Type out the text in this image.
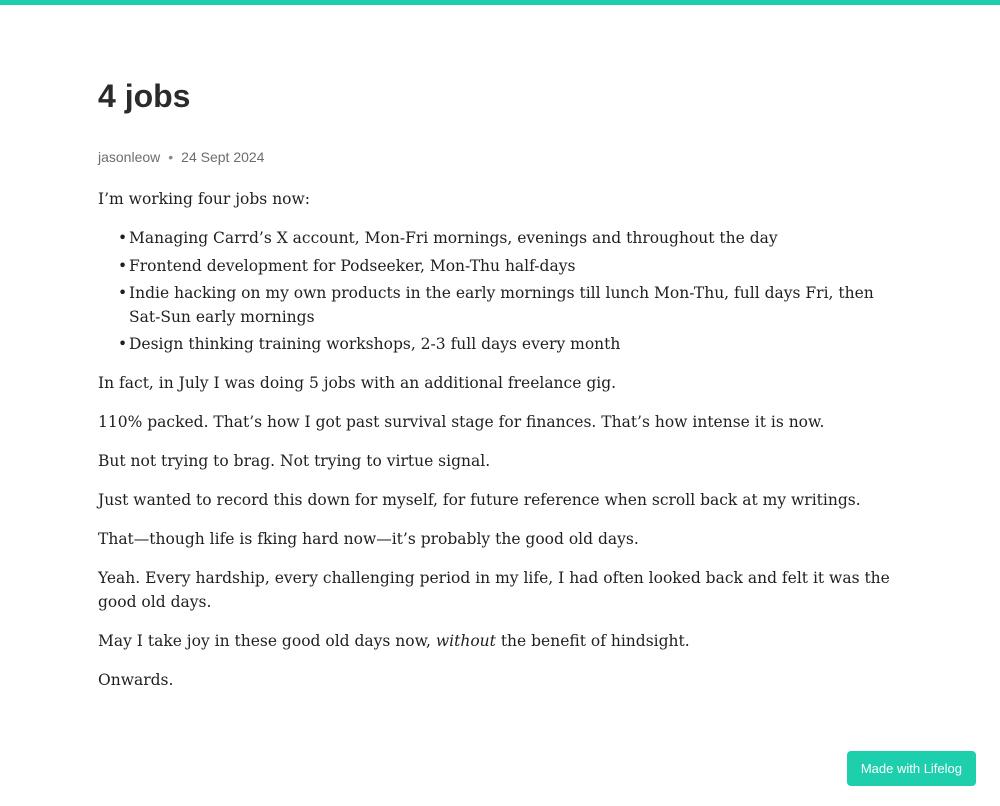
4 jobs
jasonleow • 24 Sept 2024

I’m working four jobs now:

• Managing Carrd’s X account, Mon-Fri mornings, evenings and throughout the day
• Frontend development for Podseeker, Mon-Thu half-days
• Indie hacking on my own products in the early mornings till lunch Mon-Thu, full days Fri, then Sat-Sun early mornings
• Design thinking training workshops, 2-3 full days every month

In fact, in July I was doing 5 jobs with an additional freelance gig.

110% packed. That’s how I got past survival stage for finances. That’s how intense it is now.

But not trying to brag. Not trying to virtue signal.

Just wanted to record this down for myself, for future reference when scroll back at my writings.

That—though life is fking hard now—it’s probably the good old days.

Yeah. Every hardship, every challenging period in my life, I had often looked back and felt it was the good old days.

May I take joy in these good old days now, without the benefit of hindsight.

Onwards.

Made with Lifelog
